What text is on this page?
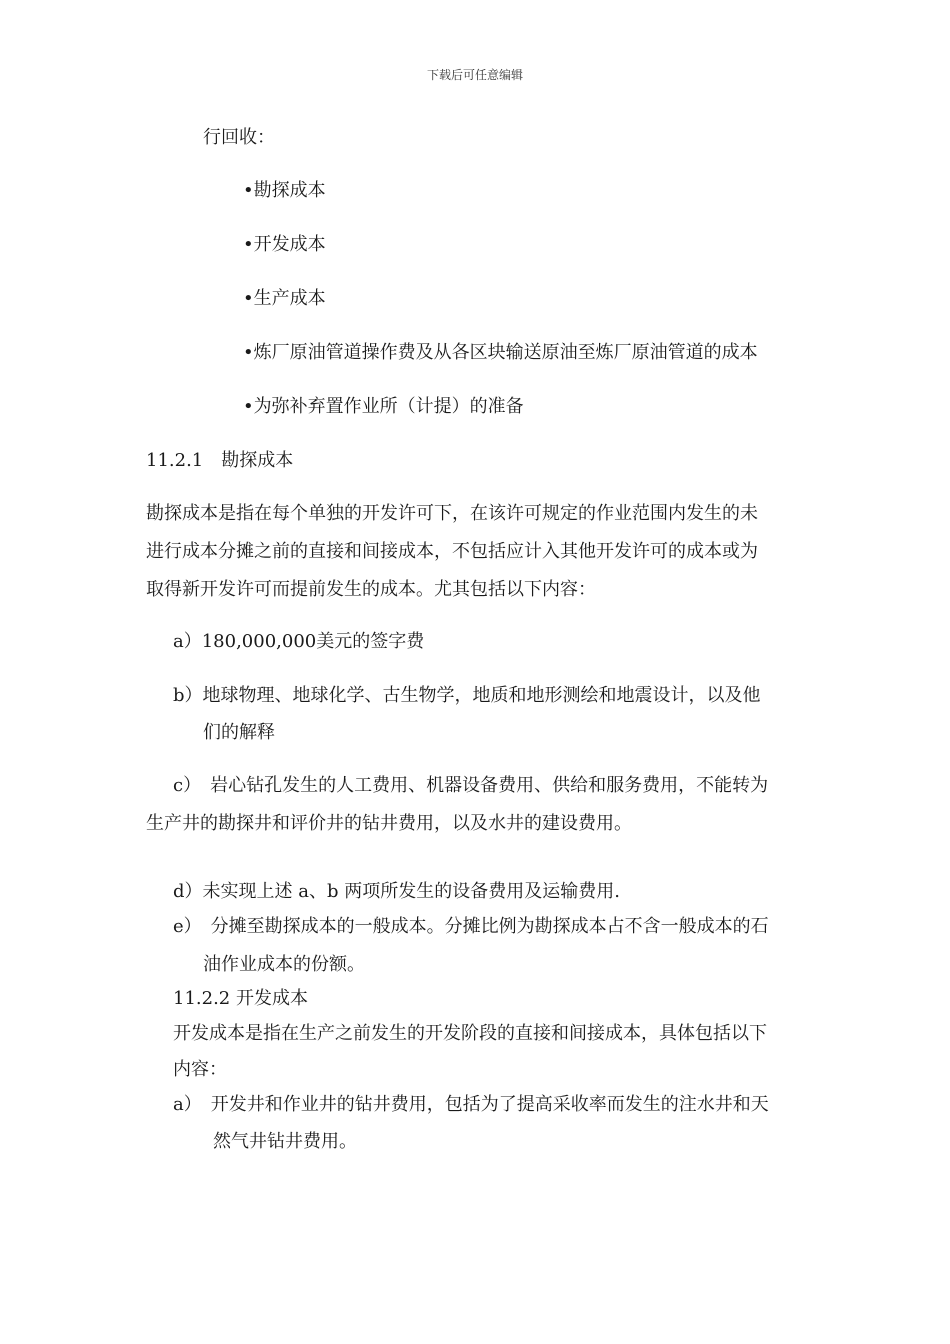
下载后可任意编辑
行回收：
•勘探成本
•开发成本
•生产成本
•炼厂原油管道操作费及从各区块输送原油至炼厂原油管道的成本
•为弥补弃置作业所（计提）的准备
11.2.1　勘探成本
勘探成本是指在每个单独的开发许可下，在该许可规定的作业范围内发生的未
进行成本分摊之前的直接和间接成本，不包括应计入其他开发许可的成本或为
取得新开发许可而提前发生的成本。尤其包括以下内容：
a）180,000,000美元的签字费
b）地球物理、地球化学、古生物学，地质和地形测绘和地震设计，以及他
们的解释
c）　岩心钻孔发生的人工费用、机器设备费用、供给和服务费用，不能转为
生产井的勘探井和评价井的钻井费用，以及水井的建设费用。
d）未实现上述 a、b 两项所发生的设备费用及运输费用.
e）　分摊至勘探成本的一般成本。分摊比例为勘探成本占不含一般成本的石
油作业成本的份额。
11.2.2 开发成本
开发成本是指在生产之前发生的开发阶段的直接和间接成本，具体包括以下
内容：
a）　开发井和作业井的钻井费用，包括为了提高采收率而发生的注水井和天
然气井钻井费用。
